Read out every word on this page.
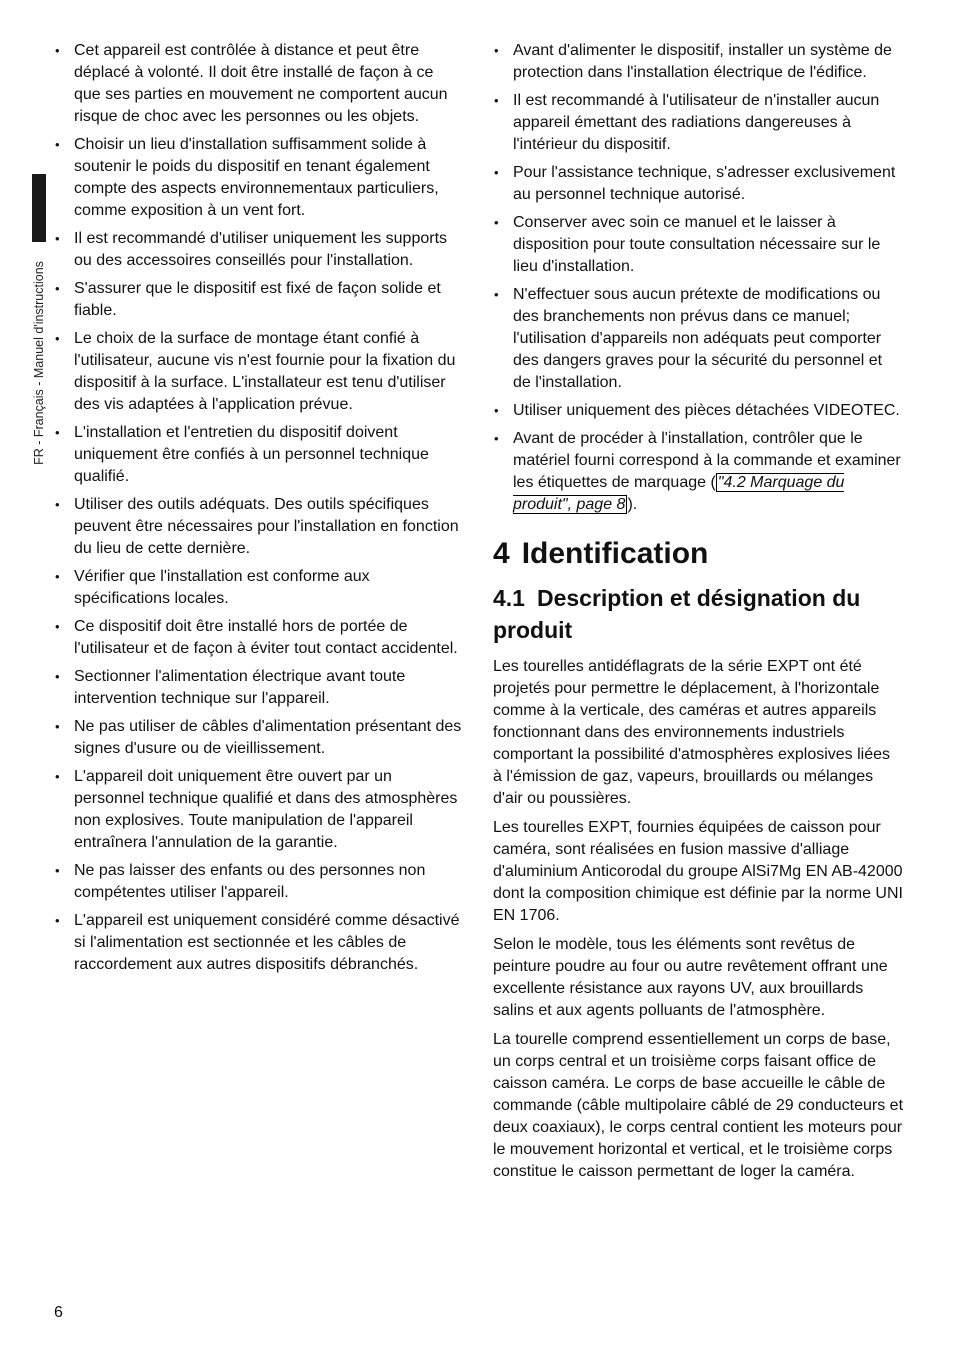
FR - Français - Manuel d'instructions
• Cet appareil est contrôlée à distance et peut être déplacé à volonté. Il doit être installé de façon à ce que ses parties en mouvement ne comportent aucun risque de choc avec les personnes ou les objets.
• Choisir un lieu d'installation suffisamment solide à soutenir le poids du dispositif en tenant également compte des aspects environnementaux particuliers, comme exposition à un vent fort.
• Il est recommandé d'utiliser uniquement les supports ou des accessoires conseillés pour l'installation.
• S'assurer que le dispositif est fixé de façon solide et fiable.
• Le choix de la surface de montage étant confié à l'utilisateur, aucune vis n'est fournie pour la fixation du dispositif à la surface. L'installateur est tenu d'utiliser des vis adaptées à l'application prévue.
• L'installation et l'entretien du dispositif doivent uniquement être confiés à un personnel technique qualifié.
• Utiliser des outils adéquats. Des outils spécifiques peuvent être nécessaires pour l'installation en fonction du lieu de cette dernière.
• Vérifier que l'installation est conforme aux spécifications locales.
• Ce dispositif doit être installé hors de portée de l'utilisateur et de façon à éviter tout contact accidentel.
• Sectionner l'alimentation électrique avant toute intervention technique sur l'appareil.
• Ne pas utiliser de câbles d'alimentation présentant des signes d'usure ou de vieillissement.
• L'appareil doit uniquement être ouvert par un personnel technique qualifié et dans des atmosphères non explosives. Toute manipulation de l'appareil entraînera l'annulation de la garantie.
• Ne pas laisser des enfants ou des personnes non compétentes utiliser l'appareil.
• L'appareil est uniquement considéré comme désactivé si l'alimentation est sectionnée et les câbles de raccordement aux autres dispositifs débranchés.
• Avant d'alimenter le dispositif, installer un système de protection dans l'installation électrique de l'édifice.
• Il est recommandé à l'utilisateur de n'installer aucun appareil émettant des radiations dangereuses à l'intérieur du dispositif.
• Pour l'assistance technique, s'adresser exclusivement au personnel technique autorisé.
• Conserver avec soin ce manuel et le laisser à disposition pour toute consultation nécessaire sur le lieu d'installation.
• N'effectuer sous aucun prétexte de modifications ou des branchements non prévus dans ce manuel; l'utilisation d'appareils non adéquats peut comporter des dangers graves pour la sécurité du personnel et de l'installation.
• Utiliser uniquement des pièces détachées VIDEOTEC.
• Avant de procéder à l'installation, contrôler que le matériel fourni correspond à la commande et examiner les étiquettes de marquage ( "4.2 Marquage du produit", page 8 ).
4 Identification
4.1 Description et désignation du produit

Les tourelles antidéflagrats de la série EXPT ont été projetés pour permettre le déplacement, à l'horizontale comme à la verticale, des caméras et autres appareils fonctionnant dans des environnements industriels comportant la possibilité d'atmosphères explosives liées à l'émission de gaz, vapeurs, brouillards ou mélanges d'air ou poussières.

Les tourelles EXPT, fournies équipées de caisson pour caméra, sont réalisées en fusion massive d'alliage d'aluminium Anticorodal du groupe AlSi7Mg EN AB-42000 dont la composition chimique est définie par la norme UNI EN 1706.

Selon le modèle, tous les éléments sont revêtus de peinture poudre au four ou autre revêtement offrant une excellente résistance aux rayons UV, aux brouillards salins et aux agents polluants de l'atmosphère.

La tourelle comprend essentiellement un corps de base, un corps central et un troisième corps faisant office de caisson caméra. Le corps de base accueille le câble de commande (câble multipolaire câblé de 29 conducteurs et deux coaxiaux), le corps central contient les moteurs pour le mouvement horizontal et vertical, et le troisième corps constitue le caisson permettant de loger la caméra.

6
